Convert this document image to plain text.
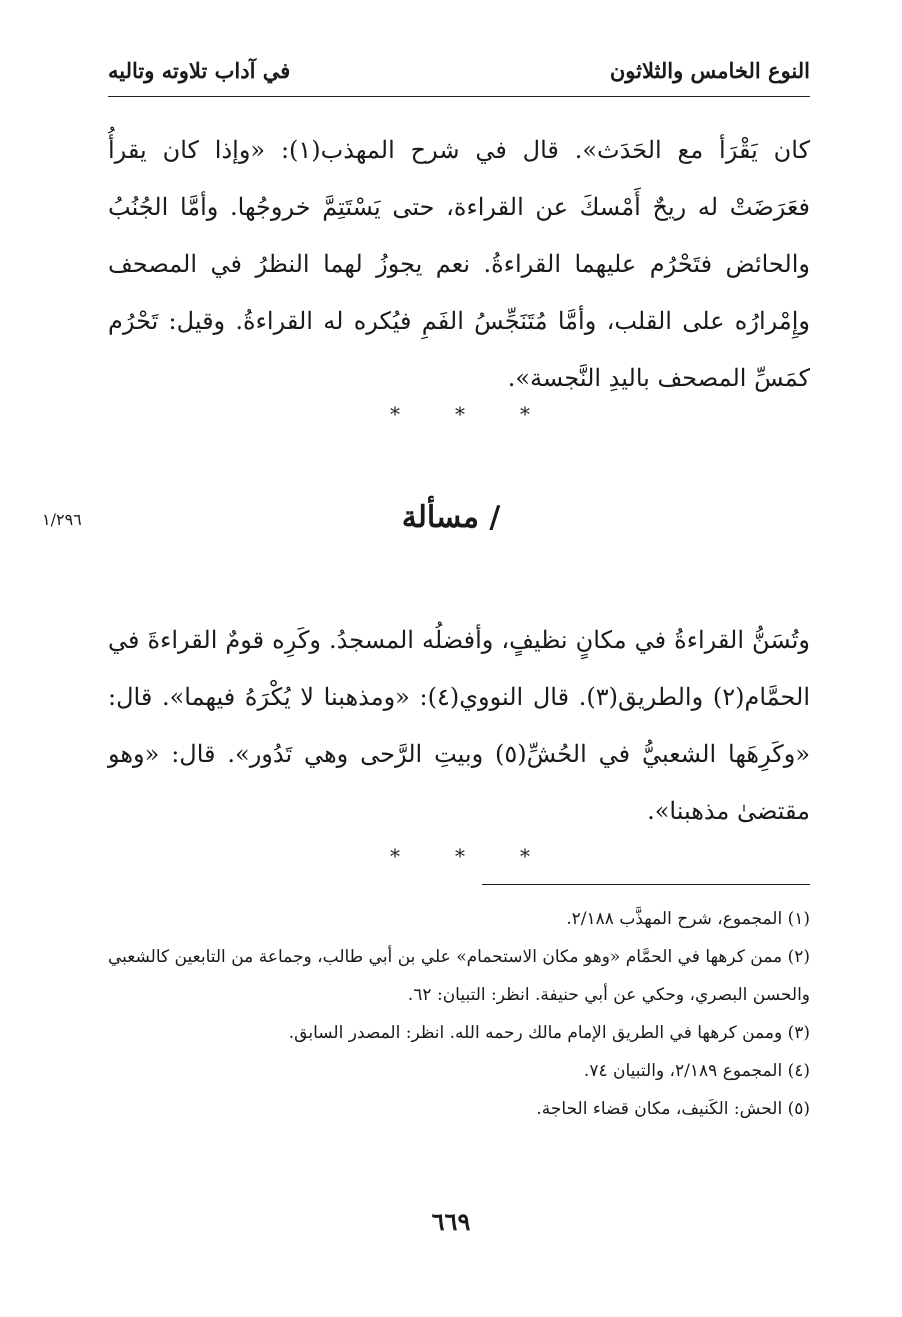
النوع الخامس والثلاثون
في آداب تلاوته وتاليه
كان يَقْرَأ مع الحَدَث». قال في شرح المهذب(١): «وإذا كان يقرأُ فعَرَضَتْ له ريحٌ أَمْسكَ عن القراءة، حتى يَسْتَتِمَّ خروجُها. وأمَّا الجُنُبُ والحائض فتَحْرُم عليهما القراءةُ. نعم يجوزُ لهما النظرُ في المصحف وإِمْرارُه على القلب، وأمَّا مُتَنَجِّسُ الفَمِ فيُكره له القراءةُ. وقيل: تَحْرُم كمَسِّ المصحف باليدِ النَّجسة».
*	*	*
/ مسألة
١/٢٩٦
وتُسَنُّ القراءةُ في مكانٍ نظيفٍ، وأفضلُه المسجدُ. وكَرِه قومٌ القراءةَ في الحمَّام(٢) والطريق(٣). قال النووي(٤): «ومذهبنا لا يُكْرَهُ فيهما». قال: «وكَرِهَها الشعبيُّ في الحُشِّ(٥) وبيتِ الرَّحى وهي تَدُور». قال: «وهو مقتضىٰ مذهبنا».
*	*	*
(١) المجموع، شرح المهذَّب ٢/١٨٨.
(٢) ممن كرهها في الحمَّام «وهو مكان الاستحمام» علي بن أبي طالب، وجماعة من التابعين كالشعبي والحسن البصري، وحكي عن أبي حنيفة. انظر: التبيان: ٦٢.
(٣) وممن كرهها في الطريق الإمام مالك رحمه الله. انظر: المصدر السابق.
(٤) المجموع ٢/١٨٩، والتبيان ٧٤.
(٥) الحش: الكَنيف، مكان قضاء الحاجة.
٦٦٩
